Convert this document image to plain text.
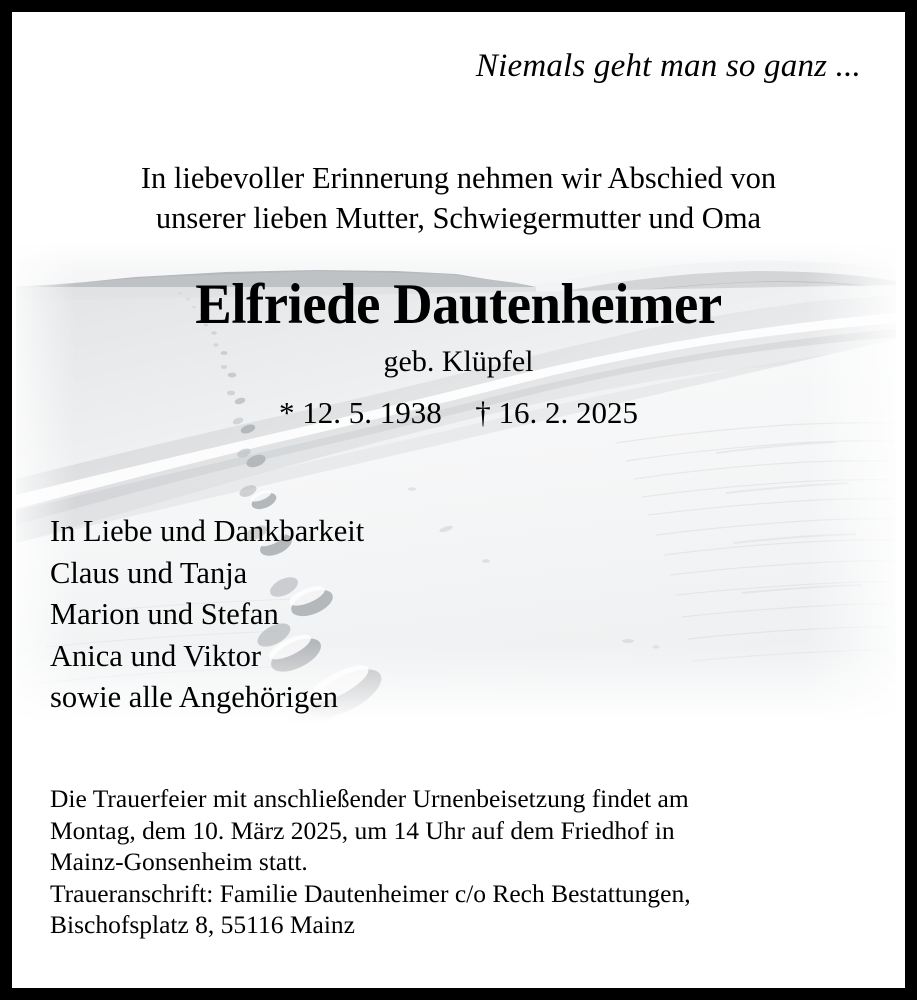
Niemals geht man so ganz ...
In liebevoller Erinnerung nehmen wir Abschied von
unserer lieben Mutter, Schwiegermutter und Oma
Elfriede Dautenheimer
geb. Klüpfel
* 12. 5. 1938 † 16. 2. 2025
In Liebe und Dankbarkeit
Claus und Tanja
Marion und Stefan
Anica und Viktor
sowie alle Angehörigen
Die Trauerfeier mit anschließender Urnenbeisetzung findet am
Montag, dem 10. März 2025, um 14 Uhr auf dem Friedhof in
Mainz-Gonsenheim statt.
Traueranschrift: Familie Dautenheimer c/o Rech Bestattungen,
Bischofsplatz 8, 55116 Mainz
